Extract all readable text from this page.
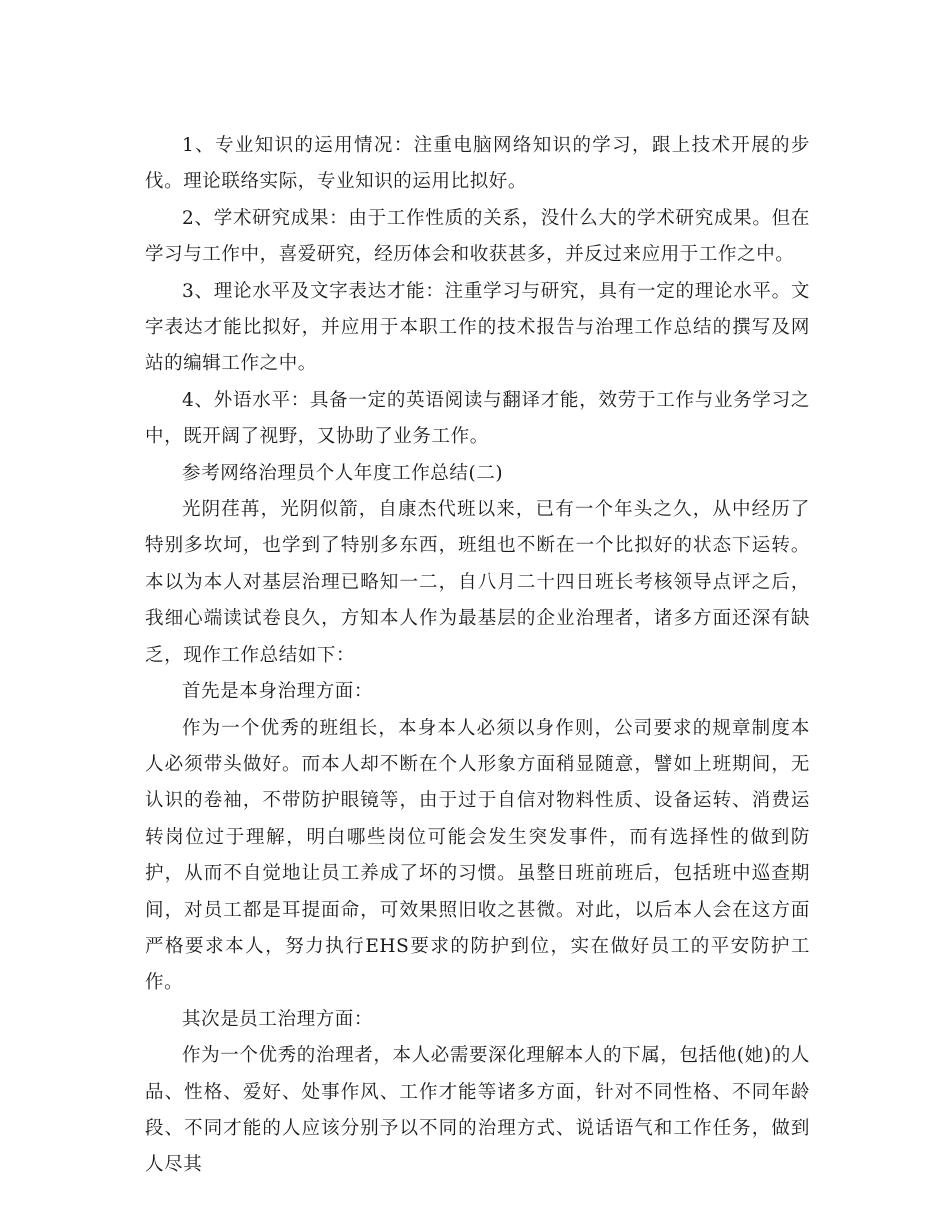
1、专业知识的运用情况：注重电脑网络知识的学习，跟上技术开展的步伐。理论联络实际，专业知识的运用比拟好。

2、学术研究成果：由于工作性质的关系，没什么大的学术研究成果。但在学习与工作中，喜爱研究，经历体会和收获甚多，并反过来应用于工作之中。

3、理论水平及文字表达才能：注重学习与研究，具有一定的理论水平。文字表达才能比拟好，并应用于本职工作的技术报告与治理工作总结的撰写及网站的编辑工作之中。

4、外语水平：具备一定的英语阅读与翻译才能，效劳于工作与业务学习之中，既开阔了视野，又协助了业务工作。

参考网络治理员个人年度工作总结(二)

光阴荏苒，光阴似箭，自康杰代班以来，已有一个年头之久，从中经历了特别多坎坷，也学到了特别多东西，班组也不断在一个比拟好的状态下运转。本以为本人对基层治理已略知一二，自八月二十四日班长考核领导点评之后，我细心端读试卷良久，方知本人作为最基层的企业治理者，诸多方面还深有缺乏，现作工作总结如下：

首先是本身治理方面：

作为一个优秀的班组长，本身本人必须以身作则，公司要求的规章制度本人必须带头做好。而本人却不断在个人形象方面稍显随意，譬如上班期间，无认识的卷袖，不带防护眼镜等，由于过于自信对物料性质、设备运转、消费运转岗位过于理解，明白哪些岗位可能会发生突发事件，而有选择性的做到防护，从而不自觉地让员工养成了坏的习惯。虽整日班前班后，包括班中巡查期间，对员工都是耳提面命，可效果照旧收之甚微。对此，以后本人会在这方面严格要求本人，努力执行EHS要求的防护到位，实在做好员工的平安防护工作。

其次是员工治理方面：

作为一个优秀的治理者，本人必需要深化理解本人的下属，包括他(她)的人品、性格、爱好、处事作风、工作才能等诸多方面，针对不同性格、不同年龄段、不同才能的人应该分别予以不同的治理方式、说话语气和工作任务，做到人尽其
